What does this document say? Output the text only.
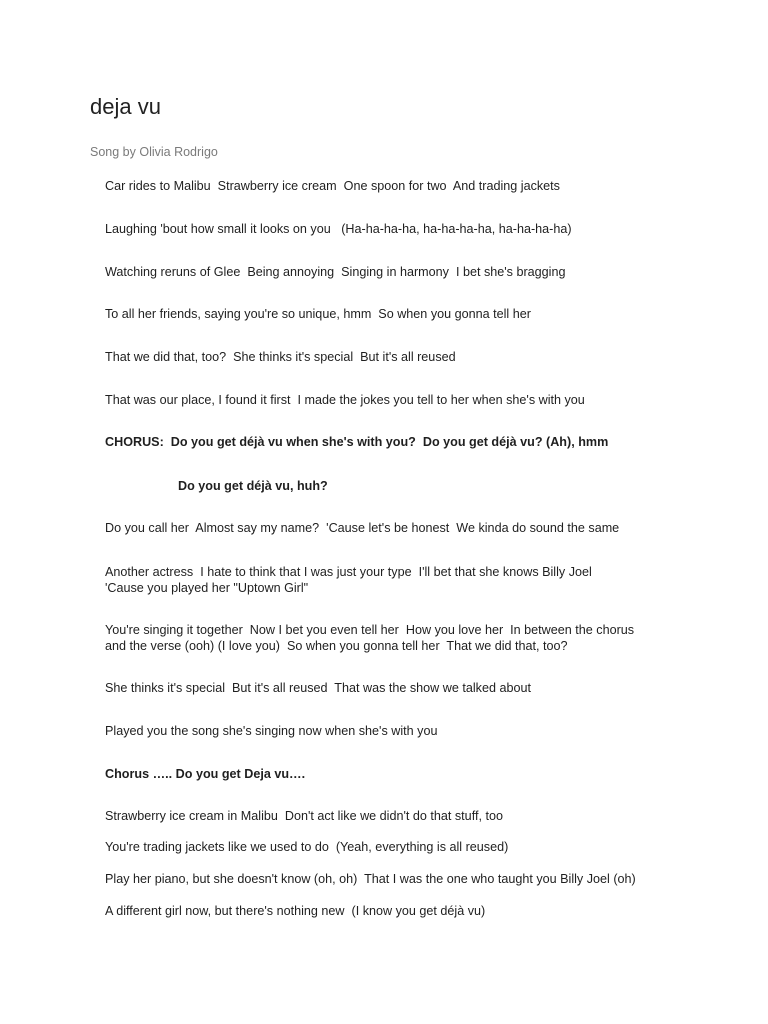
deja vu

Song by Olivia Rodrigo

Car rides to Malibu  Strawberry ice cream  One spoon for two  And trading jackets

Laughing 'bout how small it looks on you   (Ha-ha-ha-ha, ha-ha-ha-ha, ha-ha-ha-ha)

Watching reruns of Glee  Being annoying  Singing in harmony  I bet she's bragging

To all her friends, saying you're so unique, hmm  So when you gonna tell her

That we did that, too?  She thinks it's special  But it's all reused

That was our place, I found it first  I made the jokes you tell to her when she's with you

CHORUS:  Do you get déjà vu when she's with you?  Do you get déjà vu? (Ah), hmm

Do you get déjà vu, huh?

Do you call her  Almost say my name?  'Cause let's be honest  We kinda do sound the same

Another actress  I hate to think that I was just your type  I'll bet that she knows Billy Joel

'Cause you played her "Uptown Girl"

You're singing it together  Now I bet you even tell her  How you love her  In between the chorus

and the verse (ooh) (I love you)  So when you gonna tell her  That we did that, too?

She thinks it's special  But it's all reused  That was the show we talked about

Played you the song she's singing now when she's with you

Chorus ….. Do you get Deja vu….

Strawberry ice cream in Malibu  Don't act like we didn't do that stuff, too

You're trading jackets like we used to do  (Yeah, everything is all reused)

Play her piano, but she doesn't know (oh, oh)  That I was the one who taught you Billy Joel (oh)

A different girl now, but there's nothing new  (I know you get déjà vu)
